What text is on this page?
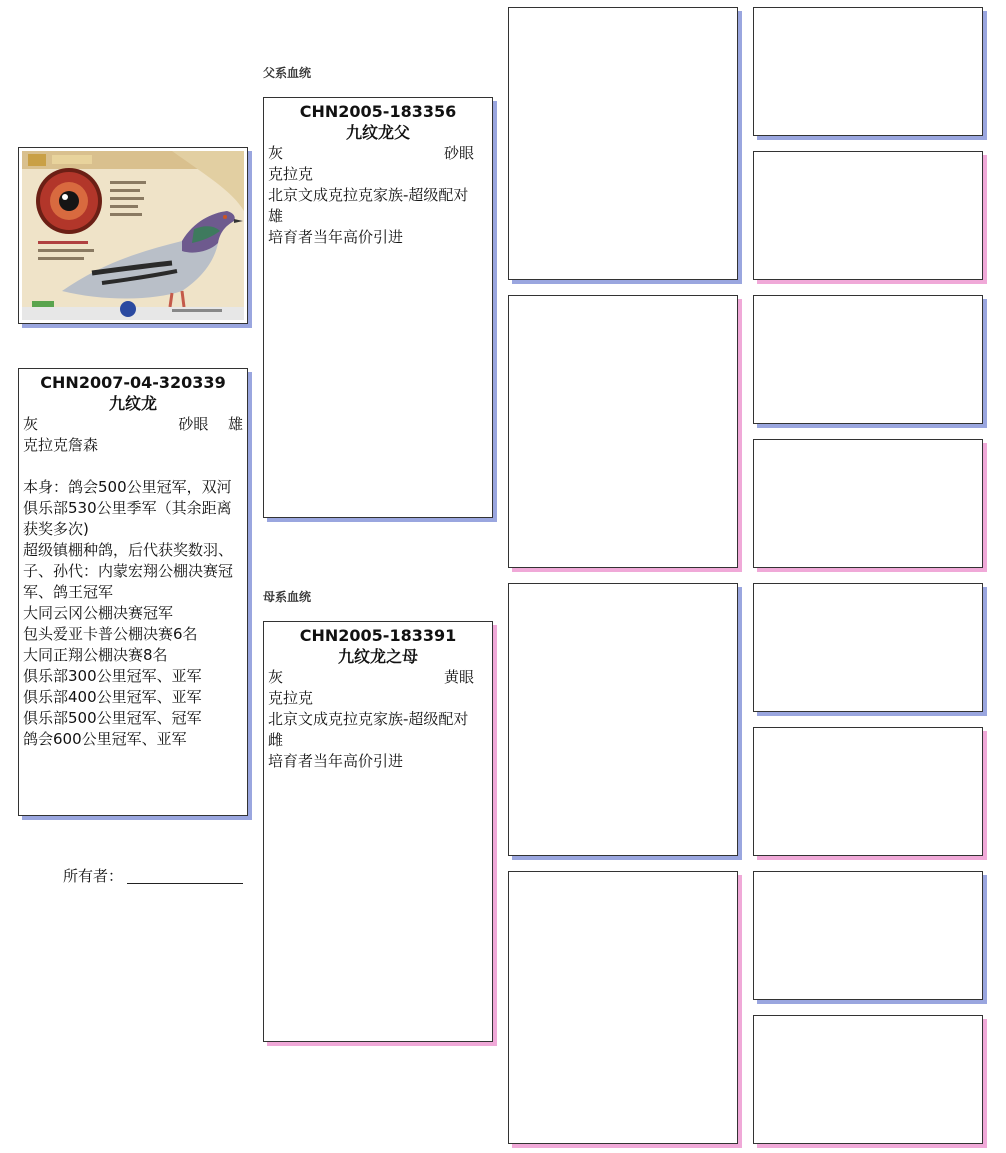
父系血统
母系血统
CHN2007-04-320339
九纹龙
灰	砂眼 雄
克拉克詹森
本身：鸽会500公里冠军，双河俱乐部530公里季军（其余距离获奖多次)
超级镇棚种鸽，后代获奖数羽、
子、孙代：内蒙宏翔公棚决赛冠军、鸽王冠军
大同云冈公棚决赛冠军
包头爱亚卡普公棚决赛6名
大同正翔公棚决赛8名
俱乐部300公里冠军、亚军
俱乐部400公里冠军、亚军
俱乐部500公里冠军、冠军
鸽会600公里冠军、亚军
所有者：
CHN2005-183356
九纹龙父
灰	砂眼
克拉克
北京文成克拉克家族-超级配对
雄
培育者当年高价引进
CHN2005-183391
九纹龙之母
灰	黄眼
克拉克
北京文成克拉克家族-超级配对
雌
培育者当年高价引进
